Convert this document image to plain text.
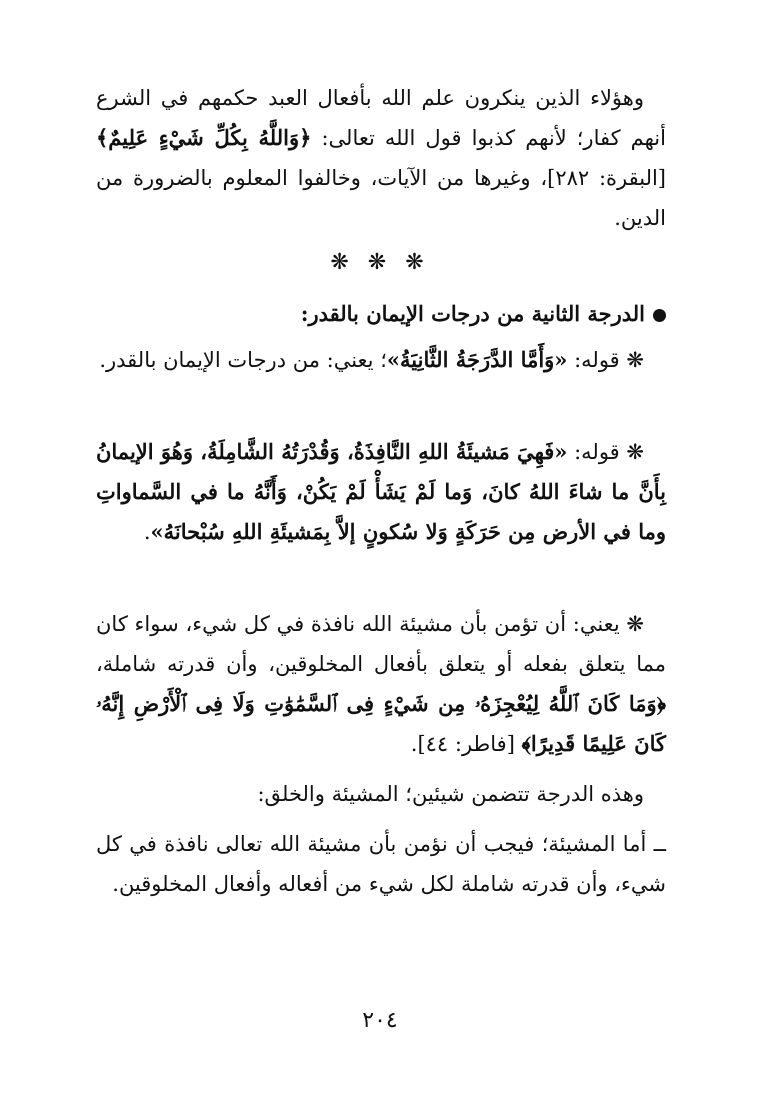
وهؤلاء الذين ينكرون علم الله بأفعال العبد حكمهم في الشرع أنهم كفار؛ لأنهم كذبوا قول الله تعالى: ﴿وَاللَّهُ بِكُلِّ شَيْءٍ عَلِيمٌ﴾ [البقرة: ٢٨٢]، وغيرها من الآيات، وخالفوا المعلوم بالضرورة من الدين.

❋ ❋ ❋
الدرجة الثانية من درجات الإيمان بالقدر:

❋ قوله: «وَأَمَّا الدَّرَجَةُ الثَّانِيَةُ»؛ يعني: من درجات الإيمان بالقدر.

❋ قوله: «فَهِيَ مَشيئَةُ اللهِ النَّافِذَةُ، وَقُدْرَتُهُ الشَّامِلَةُ، وَهُوَ الإيمانُ بِأَنَّ ما شاءَ اللهُ كانَ، وَما لَمْ يَشَأْ لَمْ يَكُنْ، وَأَنَّهُ ما في السَّماواتِ وما في الأرض مِن حَرَكَةٍ وَلا سُكونٍ إلاَّ بِمَشيئَةِ اللهِ سُبْحانَهُ».

❋ يعني: أن تؤمن بأن مشيئة الله نافذة في كل شيء، سواء كان مما يتعلق بفعله أو يتعلق بأفعال المخلوقين، وأن قدرته شاملة، ﴿وَمَا كَانَ ٱللَّهُ لِيُعْجِزَهُۥ مِن شَيْءٍ فِى ٱلسَّمَٰوَٰتِ وَلَا فِى ٱلْأَرْضِ إِنَّهُۥ كَانَ عَلِيمًا قَدِيرًا﴾ [فاطر: ٤٤].

وهذه الدرجة تتضمن شيئين؛ المشيئة والخلق:

ــ أما المشيئة؛ فيجب أن نؤمن بأن مشيئة الله تعالى نافذة في كل شيء، وأن قدرته شاملة لكل شيء من أفعاله وأفعال المخلوقين.

٢٠٤
